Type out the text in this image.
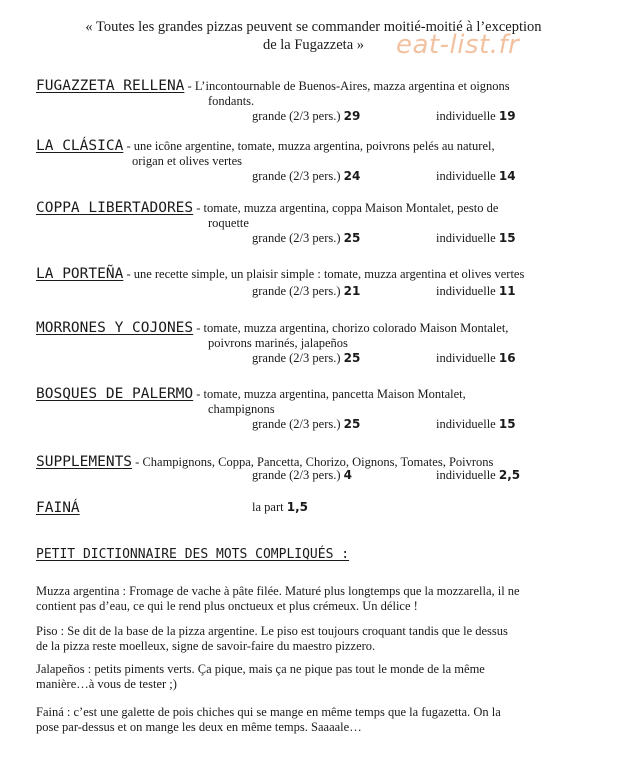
« Toutes les grandes pizzas peuvent se commander moitié-moitié à l’exception
de la Fugazzeta »	eat-list.fr
FUGAZZETA RELLENA - L’incontournable de Buenos-Aires, mazza argentina et oignons
fondants.
grande (2/3 pers.) 29	individuelle 19
LA CLÁSICA - une icône argentine, tomate, muzza argentina, poivrons pelés au naturel,
origan et olives vertes
grande (2/3 pers.) 24	individuelle 14
COPPA LIBERTADORES - tomate, muzza argentina, coppa Maison Montalet, pesto de
roquette
grande (2/3 pers.) 25	individuelle 15
LA PORTEÑA - une recette simple, un plaisir simple : tomate, muzza argentina et olives vertes
grande (2/3 pers.) 21	individuelle 11
MORRONES Y COJONES - tomate, muzza argentina, chorizo colorado Maison Montalet,
poivrons marinés, jalapeños
grande (2/3 pers.) 25	individuelle 16
BOSQUES DE PALERMO - tomate, muzza argentina, pancetta Maison Montalet,
champignons
grande (2/3 pers.) 25	individuelle 15
SUPPLEMENTS - Champignons, Coppa, Pancetta, Chorizo, Oignons, Tomates, Poivrons
grande (2/3 pers.) 4	individuelle 2,5
FAINÁ	la part 1,5
PETIT DICTIONNAIRE DES MOTS COMPLIQUÉS :
Muzza argentina : Fromage de vache à pâte filée. Maturé plus longtemps que la mozzarella, il ne
contient pas d’eau, ce qui le rend plus onctueux et plus crémeux. Un délice !
Piso : Se dit de la base de la pizza argentine. Le piso est toujours croquant tandis que le dessus
de la pizza reste moelleux, signe de savoir-faire du maestro pizzero.
Jalapeños : petits piments verts. Ça pique, mais ça ne pique pas tout le monde de la même
manière…à vous de tester ;)
Fainá : c’est une galette de pois chiches qui se mange en même temps que la fugazetta. On la
pose par-dessus et on mange les deux en même temps. Saaaale…
